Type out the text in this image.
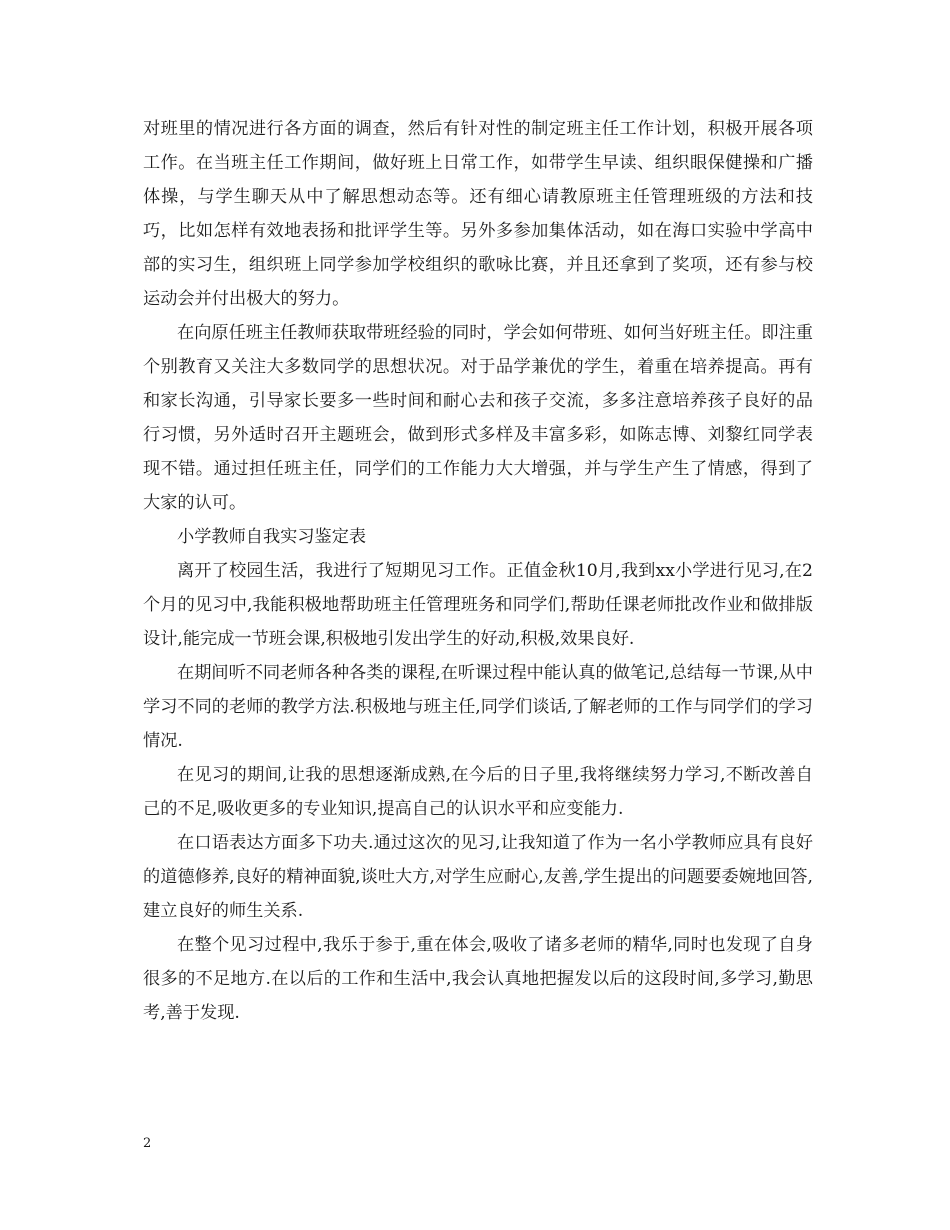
对班里的情况进行各方面的调查，然后有针对性的制定班主任工作计划，积极开展各项工作。在当班主任工作期间，做好班上日常工作，如带学生早读、组织眼保健操和广播体操，与学生聊天从中了解思想动态等。还有细心请教原班主任管理班级的方法和技巧，比如怎样有效地表扬和批评学生等。另外多参加集体活动，如在海口实验中学高中部的实习生，组织班上同学参加学校组织的歌咏比赛，并且还拿到了奖项，还有参与校运动会并付出极大的努力。

在向原任班主任教师获取带班经验的同时，学会如何带班、如何当好班主任。即注重个别教育又关注大多数同学的思想状况。对于品学兼优的学生，着重在培养提高。再有和家长沟通，引导家长要多一些时间和耐心去和孩子交流，多多注意培养孩子良好的品行习惯，另外适时召开主题班会，做到形式多样及丰富多彩，如陈志博、刘黎红同学表现不错。通过担任班主任，同学们的工作能力大大增强，并与学生产生了情感，得到了大家的认可。

小学教师自我实习鉴定表

离开了校园生活，我进行了短期见习工作。正值金秋10月,我到xx小学进行见习,在2个月的见习中,我能积极地帮助班主任管理班务和同学们,帮助任课老师批改作业和做排版设计,能完成一节班会课,积极地引发出学生的好动,积极,效果良好.

在期间听不同老师各种各类的课程,在听课过程中能认真的做笔记,总结每一节课,从中学习不同的老师的教学方法.积极地与班主任,同学们谈话,了解老师的工作与同学们的学习情况.

在见习的期间,让我的思想逐渐成熟,在今后的日子里,我将继续努力学习,不断改善自己的不足,吸收更多的专业知识,提高自己的认识水平和应变能力.

在口语表达方面多下功夫.通过这次的见习,让我知道了作为一名小学教师应具有良好的道德修养,良好的精神面貌,谈吐大方,对学生应耐心,友善,学生提出的问题要委婉地回答,建立良好的师生关系.

在整个见习过程中,我乐于参于,重在体会,吸收了诸多老师的精华,同时也发现了自身很多的不足地方.在以后的工作和生活中,我会认真地把握发以后的这段时间,多学习,勤思考,善于发现.

2
